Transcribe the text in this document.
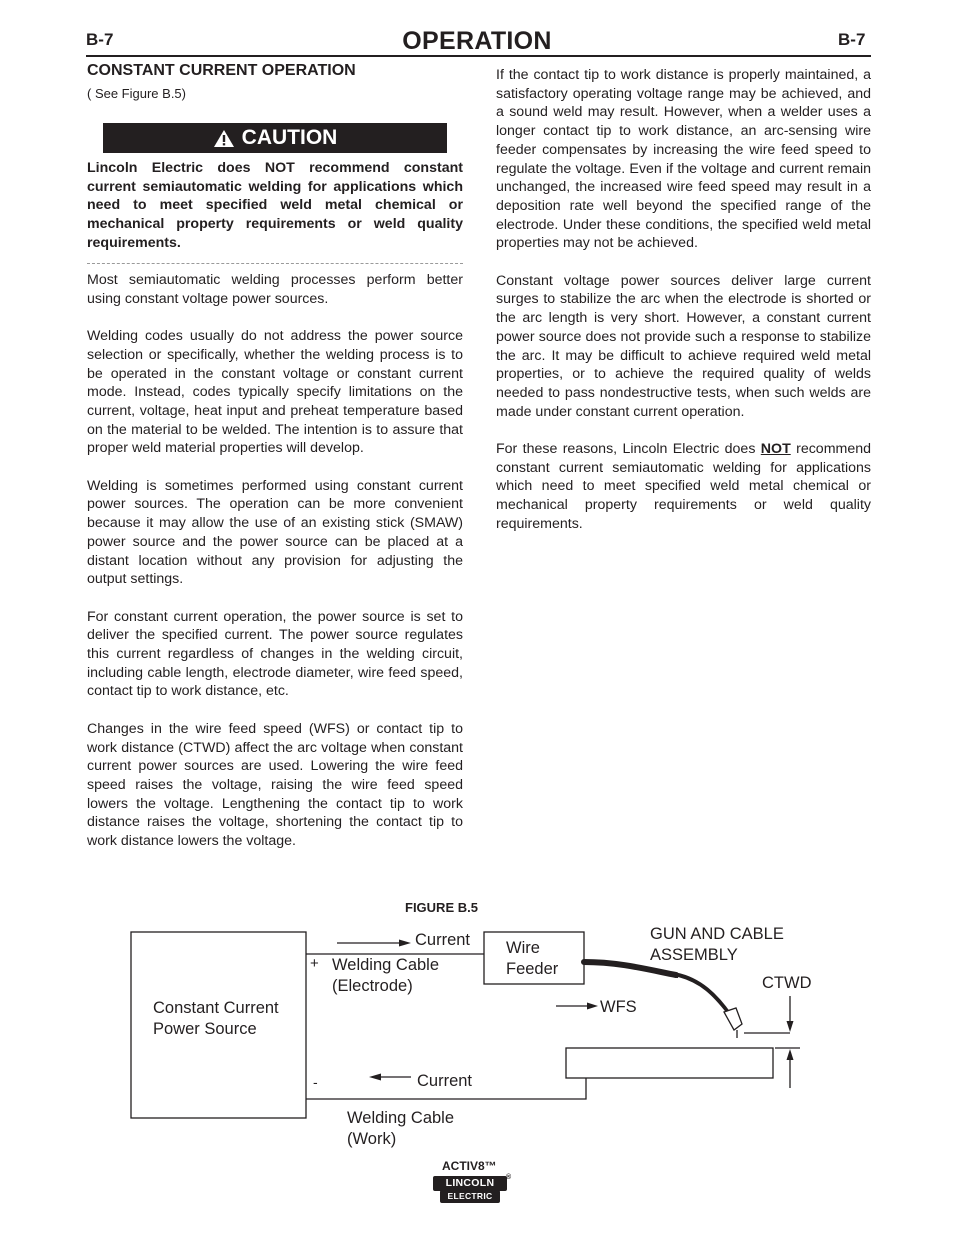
B-7	OPERATION	B-7
CONSTANT CURRENT OPERATION
( See Figure B.5)
CAUTION
Lincoln Electric does NOT recommend constant current semiautomatic welding for applications which need to meet specified weld metal chemical or mechanical property requirements or weld quality requirements.

Most semiautomatic welding processes perform better using constant voltage power sources.

Welding codes usually do not address the power source selection or specifically, whether the welding process is to be operated in the constant voltage or constant current mode. Instead, codes typically specify limitations on the current, voltage, heat input and preheat temperature based on the material to be welded. The intention is to assure that proper weld material properties will develop.

Welding is sometimes performed using constant current power sources. The operation can be more convenient because it may allow the use of an existing stick (SMAW) power source and the power source can be placed at a distant location without any provision for adjusting the output settings.

For constant current operation, the power source is set to deliver the specified current. The power source regulates this current regardless of changes in the welding circuit, including cable length, electrode diameter, wire feed speed, contact tip to work distance, etc.

Changes in the wire feed speed (WFS) or contact tip to work distance (CTWD) affect the arc voltage when constant current power sources are used. Lowering the wire feed speed raises the voltage, raising the wire feed speed lowers the voltage. Lengthening the contact tip to work distance raises the voltage, shortening the contact tip to work distance lowers the voltage.

If the contact tip to work distance is properly maintained, a satisfactory operating voltage range may be achieved, and a sound weld may result. However, when a welder uses a longer contact tip to work distance, an arc-sensing wire feeder compensates by increasing the wire feed speed to regulate the voltage. Even if the voltage and current remain unchanged, the increased wire feed speed may result in a deposition rate well beyond the specified range of the electrode. Under these conditions, the specified weld metal properties may not be achieved.

Constant voltage power sources deliver large current surges to stabilize the arc when the electrode is shorted or the arc length is very short. However, a constant current power source does not provide such a response to stabilize the arc. It may be difficult to achieve required weld metal properties, or to achieve the required quality of welds needed to pass nondestructive tests, when such welds are made under constant current operation.

For these reasons, Lincoln Electric does NOT recommend constant current semiautomatic welding for applications which need to meet specified weld metal chemical or mechanical property requirements or weld quality requirements.

FIGURE B.5
Constant Current
Power Source
+
-
Current
Current
Welding Cable
(Electrode)
Welding Cable
(Work)
Wire
Feeder
GUN AND CABLE
ASSEMBLY
CTWD
WFS
ACTIV8™
LINCOLN	®
ELECTRIC
